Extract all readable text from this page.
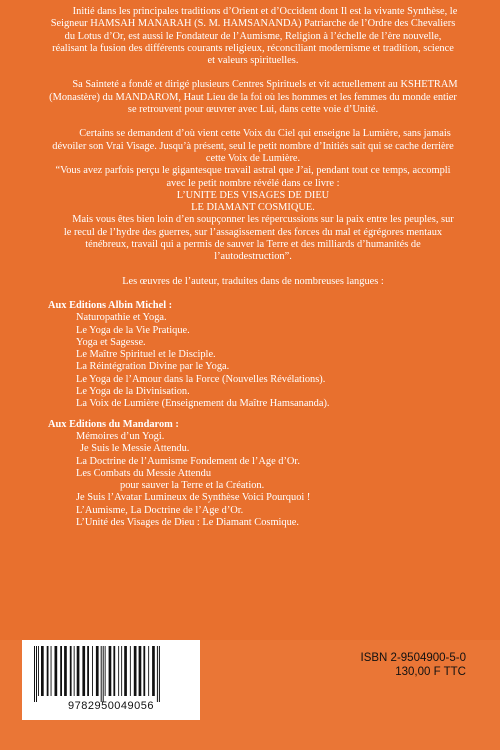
Initié dans les principales traditions d’Orient et d’Occident dont Il est la vivante Synthèse, le Seigneur HAMSAH MANARAH (S. M. HAMSANANDA) Patriarche de l’Ordre des Chevaliers du Lotus d’Or, est aussi le Fondateur de l’Aumisme, Religion à l’échelle de l’ère nouvelle, réalisant la fusion des différents courants religieux, réconciliant modernisme et tradition, science et valeurs spirituelles.

Sa Sainteté a fondé et dirigé plusieurs Centres Spirituels et vit actuellement au KSHETRAM (Monastère) du MANDAROM, Haut Lieu de la foi où les hommes et les femmes du monde entier se retrouvent pour œuvrer avec Lui, dans cette voie d’Unité.

Certains se demandent d’où vient cette Voix du Ciel qui enseigne la Lumière, sans jamais dévoiler son Vrai Visage. Jusqu’à présent, seul le petit nombre d’Initiés sait qui se cache derrière cette Voix de Lumière.

“Vous avez parfois perçu le gigantesque travail astral que J’ai, pendant tout ce temps, accompli avec le petit nombre révélé dans ce livre :

L’UNITE DES VISAGES DE DIEU

LE DIAMANT COSMIQUE.

Mais vous êtes bien loin d’en soupçonner les répercussions sur la paix entre les peuples, sur le recul de l’hydre des guerres, sur l’assagissement des forces du mal et égrégores mentaux ténébreux, travail qui a permis de sauver la Terre et des milliards d’humanités de l’autodestruction”.

Les œuvres de l’auteur, traduites dans de nombreuses langues :

Aux Editions Albin Michel :

Naturopathie et Yoga.
Le Yoga de la Vie Pratique.
Yoga et Sagesse.
Le Maître Spirituel et le Disciple.
La Réintégration Divine par le Yoga.
Le Yoga de l’Amour dans la Force (Nouvelles Révélations).
Le Yoga de la Divinisation.
La Voix de Lumière (Enseignement du Maître Hamsananda).

Aux Editions du Mandarom :

Mémoires d’un Yogi.
Je Suis le Messie Attendu.
La Doctrine de l’Aumisme Fondement de l’Age d’Or.
Les Combats du Messie Attendu
pour sauver la Terre et la Création.
Je Suis l’Avatar Lumineux de Synthèse Voici Pourquoi !
L’Aumisme, La Doctrine de l’Age d’Or.
L’Unité des Visages de Dieu : Le Diamant Cosmique.
9782950049056
ISBN 2-9504900-5-0
130,00 F TTC
